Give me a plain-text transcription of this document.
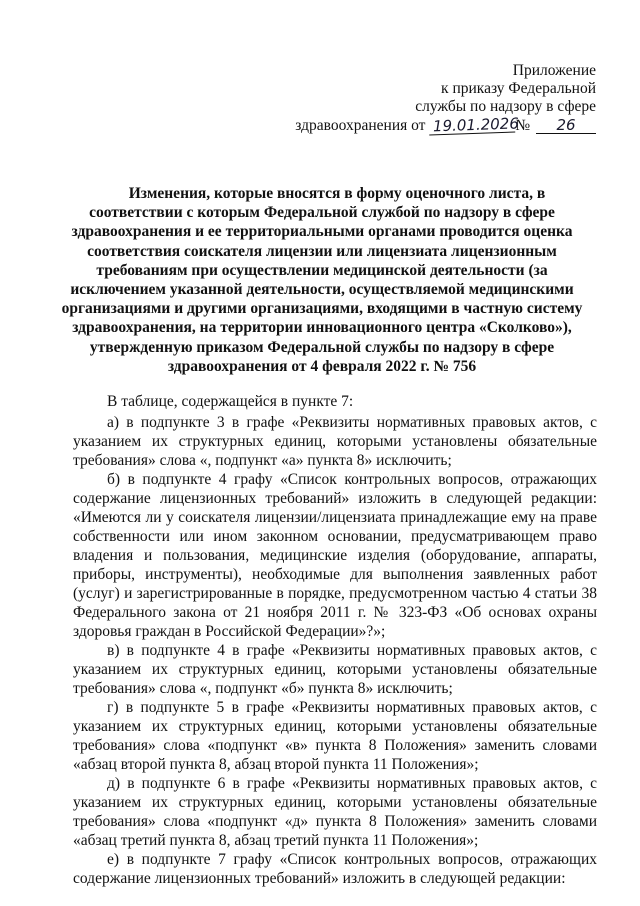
Приложение
к приказу Федеральной
службы по надзору в сфере
здравоохранения от 19.01.2026№ 26

Изменения, которые вносятся в форму оценочного листа, в

соответствии с которым Федеральной службой по надзору в сфере

здравоохранения и ее территориальными органами проводится оценка

соответствия соискателя лицензии или лицензиата лицензионным

требованиям при осуществлении медицинской деятельности (за

исключением указанной деятельности, осуществляемой медицинскими

организациями и другими организациями, входящими в частную систему

здравоохранения, на территории инновационного центра «Сколково»),

утвержденную приказом Федеральной службы по надзору в сфере

здравоохранения от 4 февраля 2022 г. № 756

В таблице, содержащейся в пункте 7:

а) в подпункте 3 в графе «Реквизиты нормативных правовых актов, с указанием их структурных единиц, которыми установлены обязательные требования» слова «, подпункт «а» пункта 8» исключить;

б) в подпункте 4 графу «Список контрольных вопросов, отражающих содержание лицензионных требований» изложить в следующей редакции: «Имеются ли у соискателя лицензии/лицензиата принадлежащие ему на праве собственности или ином законном основании, предусматривающем право владения и пользования, медицинские изделия (оборудование, аппараты, приборы, инструменты), необходимые для выполнения заявленных работ (услуг) и зарегистрированные в порядке, предусмотренном частью 4 статьи 38 Федерального закона от 21 ноября 2011 г. № 323-ФЗ «Об основах охраны здоровья граждан в Российской Федерации»?»;

в) в подпункте 4 в графе «Реквизиты нормативных правовых актов, с указанием их структурных единиц, которыми установлены обязательные требования» слова «, подпункт «б» пункта 8» исключить;

г) в подпункте 5 в графе «Реквизиты нормативных правовых актов, с указанием их структурных единиц, которыми установлены обязательные требования» слова «подпункт «в» пункта 8 Положения» заменить словами «абзац второй пункта 8, абзац второй пункта 11 Положения»;

д) в подпункте 6 в графе «Реквизиты нормативных правовых актов, с указанием их структурных единиц, которыми установлены обязательные требования» слова «подпункт «д» пункта 8 Положения» заменить словами «абзац третий пункта 8, абзац третий пункта 11 Положения»;

е) в подпункте 7 графу «Список контрольных вопросов, отражающих содержание лицензионных требований» изложить в следующей редакции:
